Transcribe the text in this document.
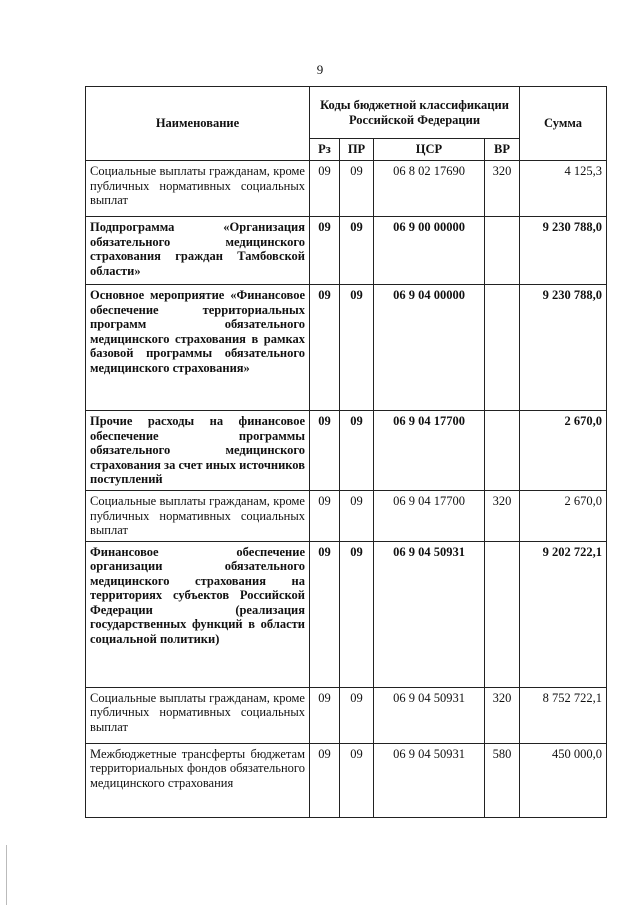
9
Наименование	Коды бюджетной классификации Российской Федерации				Сумма
	Рз	ПР	ЦСР	ВР	
Социальные выплаты гражданам, кроме публичных нормативных социальных выплат	09	09	06 8 02 17690	320	4 125,3
Подпрограмма «Организация обязательного медицинского страхования граждан Тамбовской области»	09	09	06 9 00 00000		9 230 788,0
Основное мероприятие «Финансовое обеспечение территориальных программ обязательного медицинского страхования в рамках базовой программы обязательного медицинского страхования»	09	09	06 9 04 00000		9 230 788,0
Прочие расходы на финансовое обеспечение программы обязательного медицинского страхования за счет иных источников поступлений	09	09	06 9 04 17700		2 670,0
Социальные выплаты гражданам, кроме публичных нормативных социальных выплат	09	09	06 9 04 17700	320	2 670,0
Финансовое обеспечение организации обязательного медицинского страхования на территориях субъектов Российской Федерации (реализация государственных функций в области социальной политики)	09	09	06 9 04 50931		9 202 722,1
Социальные выплаты гражданам, кроме публичных нормативных социальных выплат	09	09	06 9 04 50931	320	8 752 722,1
Межбюджетные трансферты бюджетам территориальных фондов обязательного медицинского страхования	09	09	06 9 04 50931	580	450 000,0
